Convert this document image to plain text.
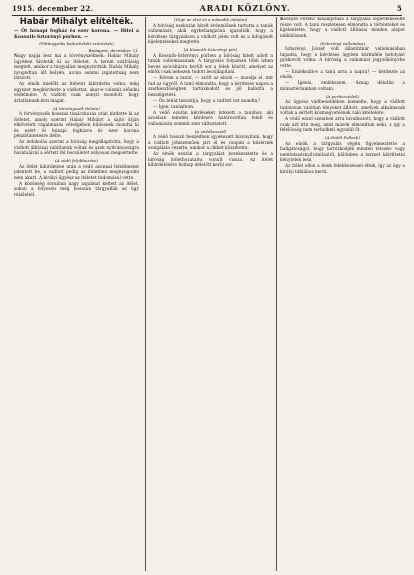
1915. december 22.	ARADI KÖZLÖNY.	5
Habár Mihályt elítélték.

— Öt hónapi fogház és ezer korona. — Hitel a Kossuth-Szterényi pörben. —

(Főtárgyalás kaduckététi szüntetés)

Budapest, december 21.

Nagy napja lesz ma a törvényszéknek: Habár Mihály ügyében hirdetik ki az ítéletet. A terem zsúfolásig megtelt, amikor a tárgyalást megnyitották. Habár Mihály nyugodtan ült helyén, arcán semmi izgatottság nem látszott.

Az elnök mielőtt az ítéletet kihirdette volna, még egyszer megkérdezte a vádlottat, akar-e valamit előadni védelmére. A vádlott csak annyit mondott, hogy ártatlannak érzi magát.

(A törvényszék ítélete)

A törvényszék hosszas tanácskozás után hirdette ki az ítéletet, amely szerint Habár Mihályt a sajtó útján elkövetett rágalmazás vétségében bűnösnek mondta ki és ezért öt hónapi fogházra és ezer korona pénzbüntetésre ítélte.

Az indokolás szerint a bíróság megállapította, hogy a vádlott állításai valótlanok voltak és azok nyilvánosságra hozatalával a sértett fél becsületét súlyosan megsértette.

(A védő felebbezése)

Az ítélet kihirdetése után a védő azonnal felebbezést jelentett be, a vádlott pedig az ítéletben megnyugodni nem akart. A királyi ügyész az ítéletet tudomásul vette.

A közönség soraiban nagy izgalmat keltett az ítélet, sokan a folyosón még hosszan tárgyalták az ügy részleteit.

(Vége az első és a második oldalon)

A bíróság ezekután hitelt érdemlőnek tartotta a tanúk vallomását, akik egybehangzóan igazolták, hogy a kérdéses tárgyaláson a vádlott jelen volt és a kifogásolt kijelentéseket megtette.

(A Kossuth-Szterényi pör)

A Kossuth-Szterényi pörben a bíróság hitelt adott a tanúk vallomásainak. A tárgyalás folyamán több ízben heves szóváltásra került sor a felek között, amelyet az elnök csak nehezen tudott lecsillapítani.

— Kérem a tanút, — szólt az elnök — mondja el, mit tud az ügyről. A tanú elmondta, hogy a kérdéses napon a szerkesztőségben tartózkodott és jól hallotta a beszélgetést.

— Ön tehát tanúsítja, hogy a vádlott ezt mondta?

— Igen, tanúsítom.

A védő ezután kérdéseket intézett a tanúhoz, aki azonban minden kérdésre határozottan felelt és vallomásán semmit sem változtatott.

(A védőbeszéd)

A védő hosszú beszédben igyekezett bizonyítani, hogy a vádlott jóhiszeműen járt el és csupán a közérdek szolgálata vezette, amikor a cikket közzétette.

Az elnök ezután a tárgyalást berekesztette és a bíróság ítélethozatalra vonult vissza. Az ítélet kihirdetésére holnap délelőtt kerül sor.

Kossuth Ferenc kihallgatása a tárgyalás legérdekesebb része volt. A tanú részletesen elmondta a történteket és kijelentette, hogy a vádlott állításai minden alapot nélkülöznek.

(Szterényi vallomása)

Szterényi József volt államtitkár vallomásában tagadta, hogy a kérdéses ügyben bármiféle befolyást gyakorolt volna. A bíróság a vallomást jegyzőkönyvbe vette.

— Emlékszik-e a tanú arra a napra? — kérdezte az elnök.

— Igenis, emlékszem. Aznap délután a minisztériumban voltam.

(A perbeszédek)

Az ügyész vádbeszédében kiemelte, hogy a vádlott tudatosan valótlan tényeket állított, amelyek alkalmasak voltak a sértett közmegvetésnek való kitételére.

A védő ezzel szemben arra hivatkozott, hogy a vádlott csak azt írta meg, amit mások elmondtak neki, s így a felelősség nem terhelheti egyedül őt.

(A Fedél Pollack)

Az elnök a tárgyalás végén figyelmeztette a hallgatóságot, hogy tartózkodjék minden tetszés- vagy nemtetszésnyilvánítástól, különben a termet kiüríttetni kénytelen lesz.

Az ítélet ellen a felek felebbezéssel éltek, így az ügy a királyi táblához kerül.
